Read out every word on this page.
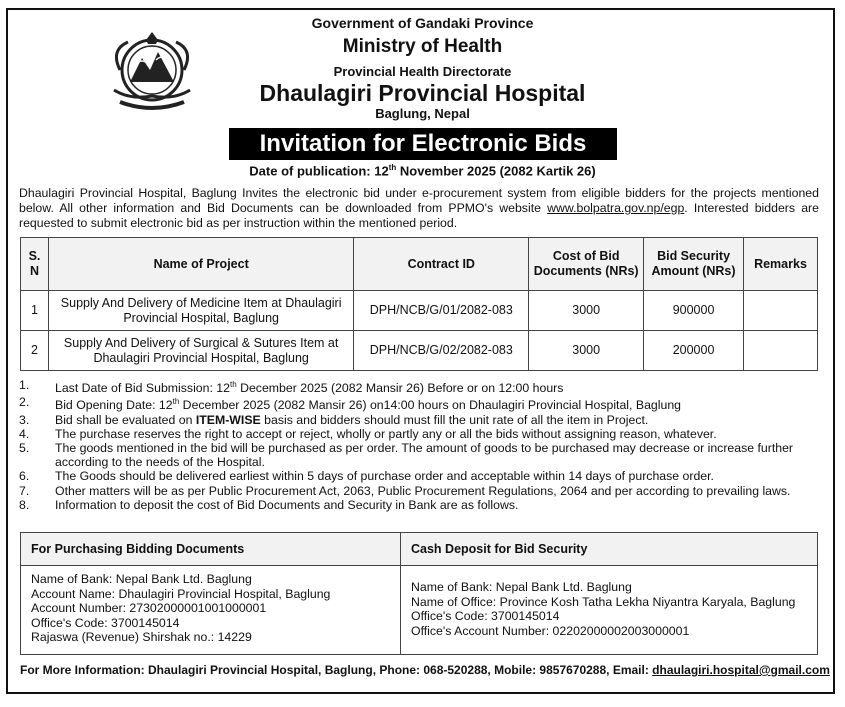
Government of Gandaki Province
Ministry of Health
Provincial Health Directorate
Dhaulagiri Provincial Hospital
Baglung, Nepal
Invitation for Electronic Bids
Date of publication: 12th November 2025 (2082 Kartik 26)
Dhaulagiri Provincial Hospital, Baglung Invites the electronic bid under e-procurement system from eligible bidders for the projects mentioned below. All other information and Bid Documents can be downloaded from PPMO's website www.bolpatra.gov.np/egp. Interested bidders are requested to submit electronic bid as per instruction within the mentioned period.
S. N	Name of Project	Contract ID	Cost of Bid Documents (NRs)	Bid Security Amount (NRs)	Remarks
1	Supply And Delivery of Medicine Item at Dhaulagiri Provincial Hospital, Baglung	DPH/NCB/G/01/2082-083	3000	900000	
2	Supply And Delivery of Surgical & Sutures Item at Dhaulagiri Provincial Hospital, Baglung	DPH/NCB/G/02/2082-083	3000	200000	
1. Last Date of Bid Submission: 12th December 2025 (2082 Mansir 26) Before or on 12:00 hours
2. Bid Opening Date: 12th December 2025 (2082 Mansir 26) on14:00 hours on Dhaulagiri Provincial Hospital, Baglung
3. Bid shall be evaluated on ITEM-WISE basis and bidders should must fill the unit rate of all the item in Project.
4. The purchase reserves the right to accept or reject, wholly or partly any or all the bids without assigning reason, whatever.
5. The goods mentioned in the bid will be purchased as per order. The amount of goods to be purchased may decrease or increase further according to the needs of the Hospital.
6. The Goods should be delivered earliest within 5 days of purchase order and acceptable within 14 days of purchase order.
7. Other matters will be as per Public Procurement Act, 2063, Public Procurement Regulations, 2064 and per according to prevailing laws.
8. Information to deposit the cost of Bid Documents and Security in Bank are as follows.
For Purchasing Bidding Documents
Name of Bank: Nepal Bank Ltd. Baglung
Account Name: Dhaulagiri Provincial Hospital, Baglung
Account Number: 27302000001001000001
Office's Code: 3700145014
Rajaswa (Revenue) Shirshak no.: 14229
Cash Deposit for Bid Security
Name of Bank: Nepal Bank Ltd. Baglung
Name of Office: Province Kosh Tatha Lekha Niyantra Karyala, Baglung
Office's Code: 3700145014
Office's Account Number: 02202000002003000001
For More Information: Dhaulagiri Provincial Hospital, Baglung, Phone: 068-520288, Mobile: 9857670288, Email: dhaulagiri.hospital@gmail.com
